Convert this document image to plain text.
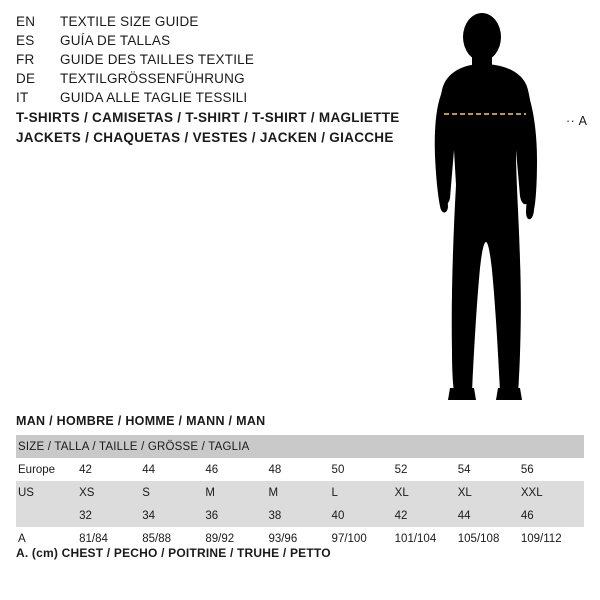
EN	TEXTILE SIZE GUIDE
ES	GUÍA DE TALLAS
FR	GUIDE DES TAILLES TEXTILE
DE	TEXTILGRÖSSENFÜHRUNG
IT	GUIDA ALLE TAGLIE TESSILI
T-SHIRTS / CAMISETAS / T-SHIRT / T-SHIRT / MAGLIETTE
JACKETS / CHAQUETAS / VESTES / JACKEN / GIACCHE
·· A
MAN / HOMBRE / HOMME / MANN / MAN
SIZE / TALLA / TAILLE / GRÖSSE / TAGLIA								
Europe	42	44	46	48	50	52	54	56
US	XS	S	M	M	L	XL	XL	XXL
	32	34	36	38	40	42	44	46
A	81/84	85/88	89/92	93/96	97/100	101/104	105/108	109/112
A. (cm) CHEST / PECHO / POITRINE / TRUHE / PETTO
